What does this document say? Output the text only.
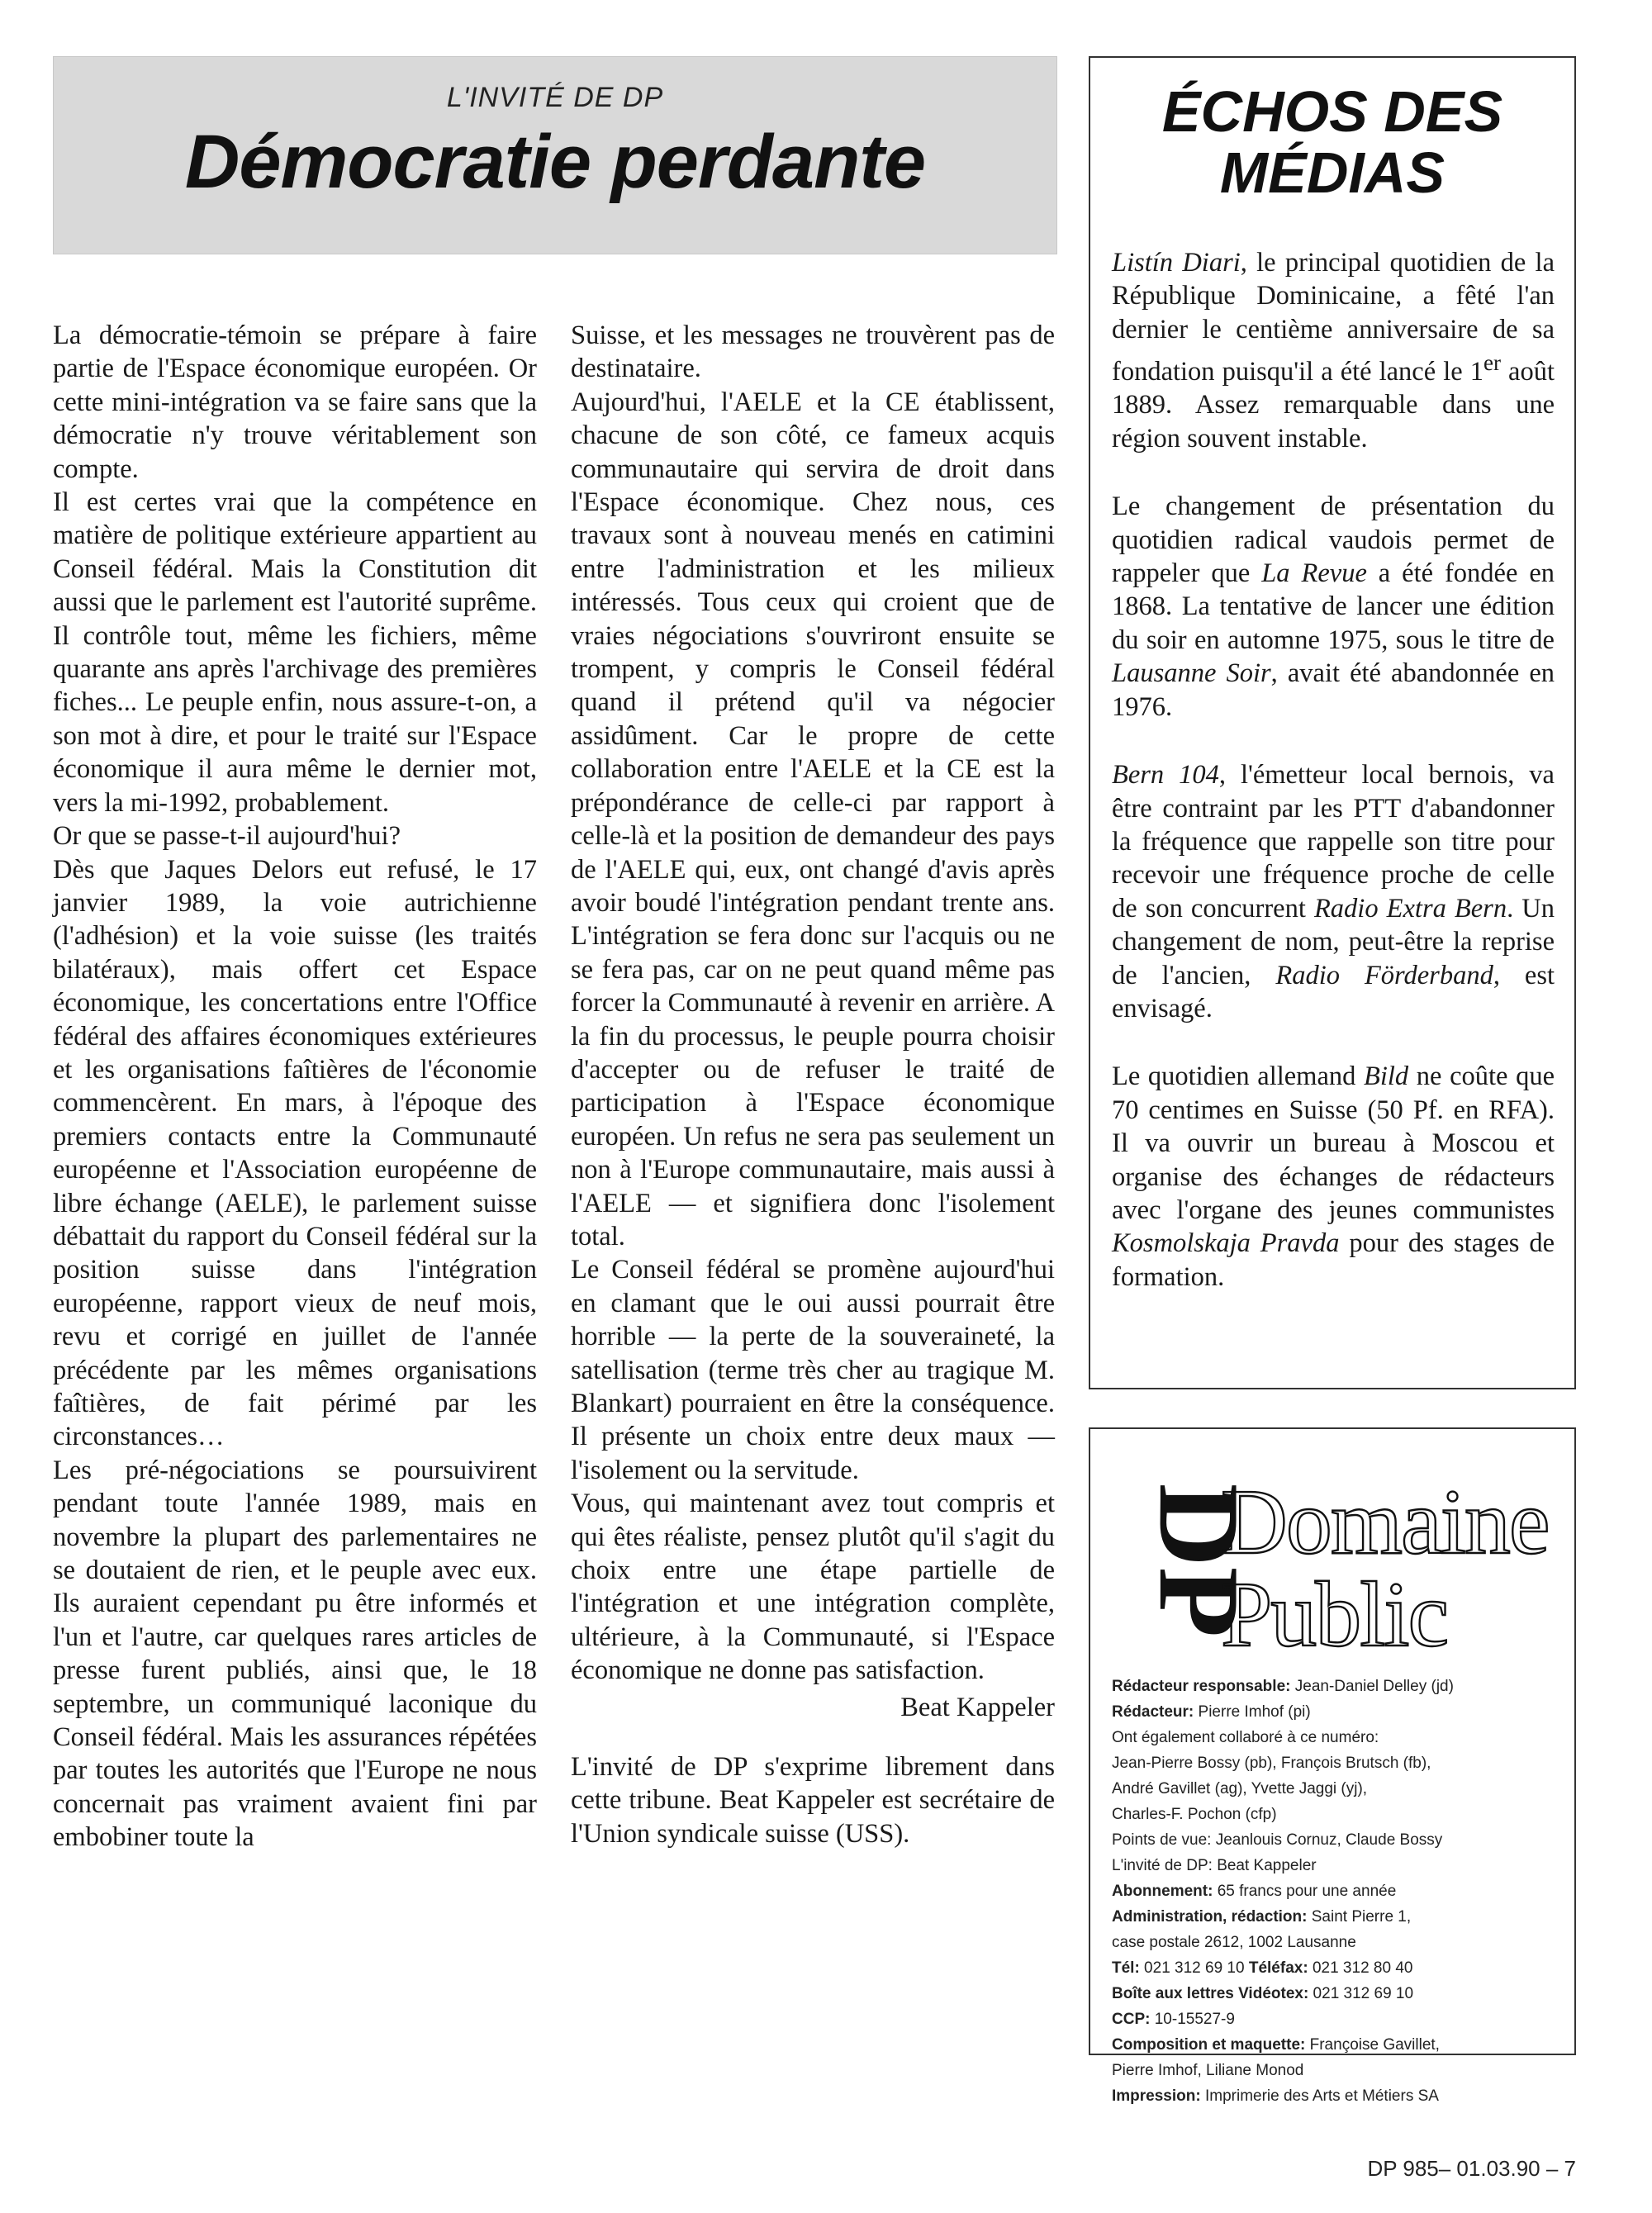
L'INVITÉ DE DP
Démocratie perdante

La démocratie-témoin se prépare à faire partie de l'Espace économique européen. Or cette mini-intégration va se faire sans que la démocratie n'y trouve véritablement son compte.

Il est certes vrai que la compétence en matière de politique extérieure appartient au Conseil fédéral. Mais la Constitution dit aussi que le parlement est l'autorité suprême. Il contrôle tout, même les fichiers, même quarante ans après l'archivage des premières fiches... Le peuple enfin, nous assure-t-on, a son mot à dire, et pour le traité sur l'Espace économique il aura même le dernier mot, vers la mi-1992, probablement.

Or que se passe-t-il aujourd'hui?

Dès que Jaques Delors eut refusé, le 17 janvier 1989, la voie autrichienne (l'adhésion) et la voie suisse (les traités bilatéraux), mais offert cet Espace économique, les concertations entre l'Office fédéral des affaires économiques extérieures et les organisations faîtières de l'économie commencèrent. En mars, à l'époque des premiers contacts entre la Communauté européenne et l'Association européenne de libre échange (AELE), le parlement suisse débattait du rapport du Conseil fédéral sur la position suisse dans l'intégration européenne, rapport vieux de neuf mois, revu et corrigé en juillet de l'année précédente par les mêmes organisations faîtières, de fait périmé par les circonstances…

Les pré-négociations se poursuivirent pendant toute l'année 1989, mais en novembre la plupart des parlementaires ne se doutaient de rien, et le peuple avec eux. Ils auraient cependant pu être informés et l'un et l'autre, car quelques rares articles de presse furent publiés, ainsi que, le 18 septembre, un communiqué laconique du Conseil fédéral. Mais les assurances répétées par toutes les autorités que l'Europe ne nous concernait pas vraiment avaient fini par embobiner toute la

Suisse, et les messages ne trouvèrent pas de destinataire.

Aujourd'hui, l'AELE et la CE établissent, chacune de son côté, ce fameux acquis communautaire qui servira de droit dans l'Espace économique. Chez nous, ces travaux sont à nouveau menés en catimini entre l'administration et les milieux intéressés. Tous ceux qui croient que de vraies négociations s'ouvriront ensuite se trompent, y compris le Conseil fédéral quand il prétend qu'il va négocier assidûment. Car le propre de cette collaboration entre l'AELE et la CE est la prépondérance de celle-ci par rapport à celle-là et la position de demandeur des pays de l'AELE qui, eux, ont changé d'avis après avoir boudé l'intégration pendant trente ans. L'intégration se fera donc sur l'acquis ou ne se fera pas, car on ne peut quand même pas forcer la Communauté à revenir en arrière. A la fin du processus, le peuple pourra choisir d'accepter ou de refuser le traité de participation à l'Espace économique européen. Un refus ne sera pas seulement un non à l'Europe communautaire, mais aussi à l'AELE — et signifiera donc l'isolement total.

Le Conseil fédéral se promène aujourd'hui en clamant que le oui aussi pourrait être horrible — la perte de la souveraineté, la satellisation (terme très cher au tragique M. Blankart) pourraient en être la conséquence. Il présente un choix entre deux maux — l'isolement ou la servitude.

Vous, qui maintenant avez tout compris et qui êtes réaliste, pensez plutôt qu'il s'agit du choix entre une étape partielle de l'intégration et une intégration complète, ultérieure, à la Communauté, si l'Espace économique ne donne pas satisfaction.

Beat Kappeler

L'invité de DP s'exprime librement dans cette tribune. Beat Kappeler est secrétaire de l'Union syndicale suisse (USS).

ÉCHOS DES
MÉDIAS

Listín Diari, le principal quotidien de la République Dominicaine, a fêté l'an dernier le centième anniversaire de sa fondation puisqu'il a été lancé le 1er août 1889. Assez remarquable dans une région souvent instable.

Le changement de présentation du quotidien radical vaudois permet de rappeler que La Revue a été fondée en 1868. La tentative de lancer une édition du soir en automne 1975, sous le titre de Lausanne Soir, avait été abandonnée en 1976.

Bern 104, l'émetteur local bernois, va être contraint par les PTT d'abandonner la fréquence que rappelle son titre pour recevoir une fréquence proche de celle de son concurrent Radio Extra Bern. Un changement de nom, peut-être la reprise de l'ancien, Radio Förderband, est envisagé.

Le quotidien allemand Bild ne coûte que 70 centimes en Suisse (50 Pf. en RFA). Il va ouvrir un bureau à Moscou et organise des échanges de rédacteurs avec l'organe des jeunes communistes Kosmolskaja Pravda pour des stages de formation.

DP
Domaine
Public
Rédacteur responsable: Jean-Daniel Delley (jd)
Rédacteur: Pierre Imhof (pi)
Ont également collaboré à ce numéro:
Jean-Pierre Bossy (pb), François Brutsch (fb),
André Gavillet (ag), Yvette Jaggi (yj),
Charles-F. Pochon (cfp)
Points de vue: Jeanlouis Cornuz, Claude Bossy
L'invité de DP: Beat Kappeler
Abonnement: 65 francs pour une année
Administration, rédaction: Saint Pierre 1,
case postale 2612, 1002 Lausanne
Tél: 021 312 69 10 Téléfax: 021 312 80 40
Boîte aux lettres Vidéotex: 021 312 69 10
CCP: 10-15527-9
Composition et maquette: Françoise Gavillet,
Pierre Imhof, Liliane Monod
Impression: Imprimerie des Arts et Métiers SA
DP 985– 01.03.90 – 7
